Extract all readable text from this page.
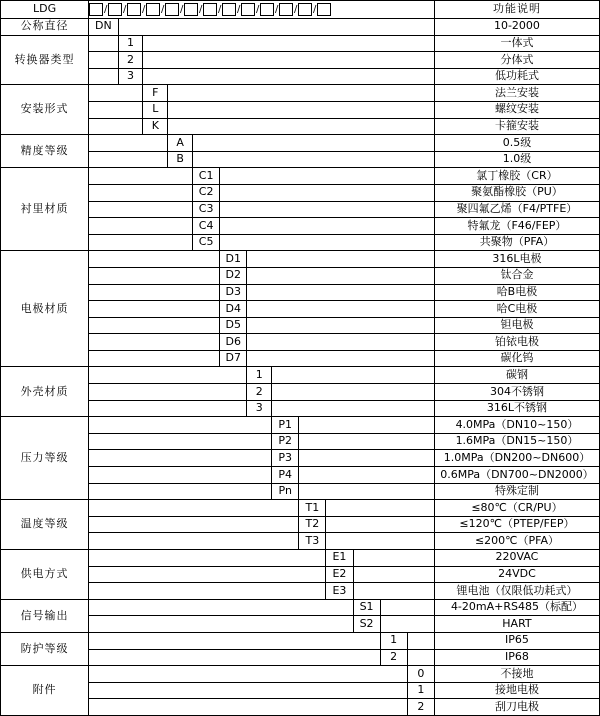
LDG	/ / / / / / / / / / / /													功能说明
公称直径	DN													10-2000
转换器类型		1												一体式
		2												分体式
		3												低功耗式
安装形式			F											法兰安装
			L											螺纹安装
			K											卡箍安装
精度等级				A										0.5级
				B										1.0级
衬里材质					C1									氯丁橡胶（CR）
					C2									聚氨酯橡胶（PU）
					C3									聚四氟乙烯（F4/PTFE）
					C4									特氟龙（F46/FEP）
					C5									共聚物（PFA）
电极材质						D1								316L电极
						D2								钛合金
						D3								哈B电极
						D4								哈C电极
						D5								钽电极
						D6								铂铱电极
						D7								碳化钨
外壳材质							1							碳钢
							2							304不锈钢
							3							316L不锈钢
压力等级								P1						4.0MPa（DN10~150）
								P2						1.6MPa（DN15~150）
								P3						1.0MPa（DN200~DN600）
								P4						0.6MPa（DN700~DN2000）
								Pn						特殊定制
温度等级									T1					≤80℃（CR/PU）
									T2					≤120℃（PTEP/FEP）
									T3					≤200℃（PFA）
供电方式										E1				220VAC
										E2				24VDC
										E3				锂电池（仅限低功耗式）
信号输出											S1			4-20mA+RS485（标配）
											S2			HART
防护等级												1		IP65
												2		IP68
附件													0	不接地
													1	接地电极
													2	刮刀电极
